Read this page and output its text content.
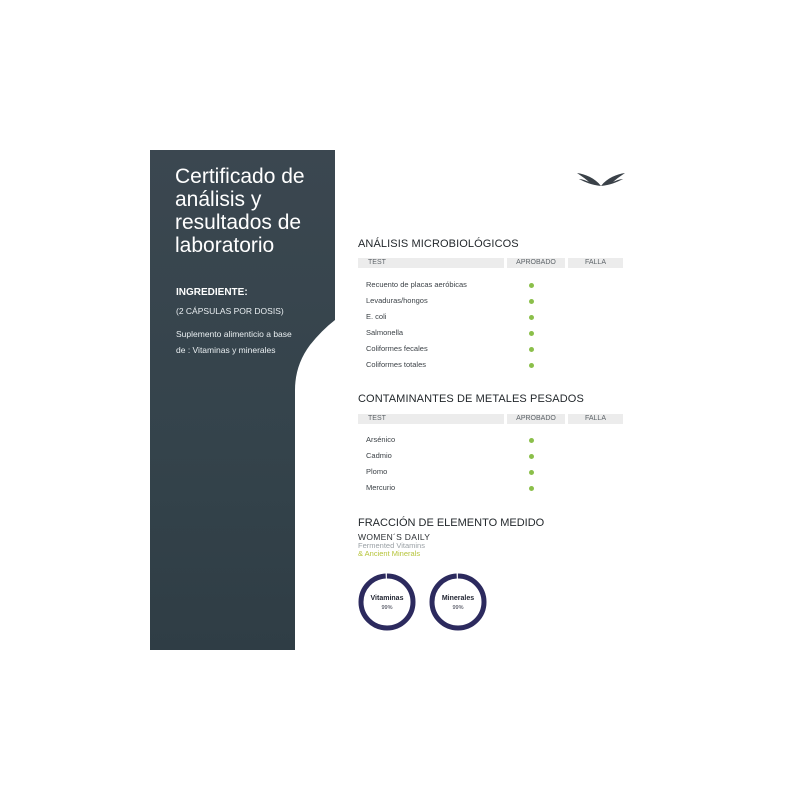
Certificado de análisis y resultados de laboratorio
INGREDIENTE:
(2 CÁPSULAS POR DOSIS)
Suplemento alimenticio a base de : Vitaminas y minerales
ANÁLISIS MICROBIOLÓGICOS
TEST	APROBADO	FALLA
Recuento de placas aeróbicas
Levaduras/hongos
E. coli
Salmonella
Coliformes fecales
Coliformes totales
CONTAMINANTES DE METALES PESADOS
TEST	APROBADO	FALLA
Arsénico
Cadmio
Plomo
Mercurio
FRACCIÓN DE ELEMENTO MEDIDO
WOMEN´S DAILY
Fermented Vitamins
& Ancient Minerals
Vitaminas
99%
Minerales
99%
